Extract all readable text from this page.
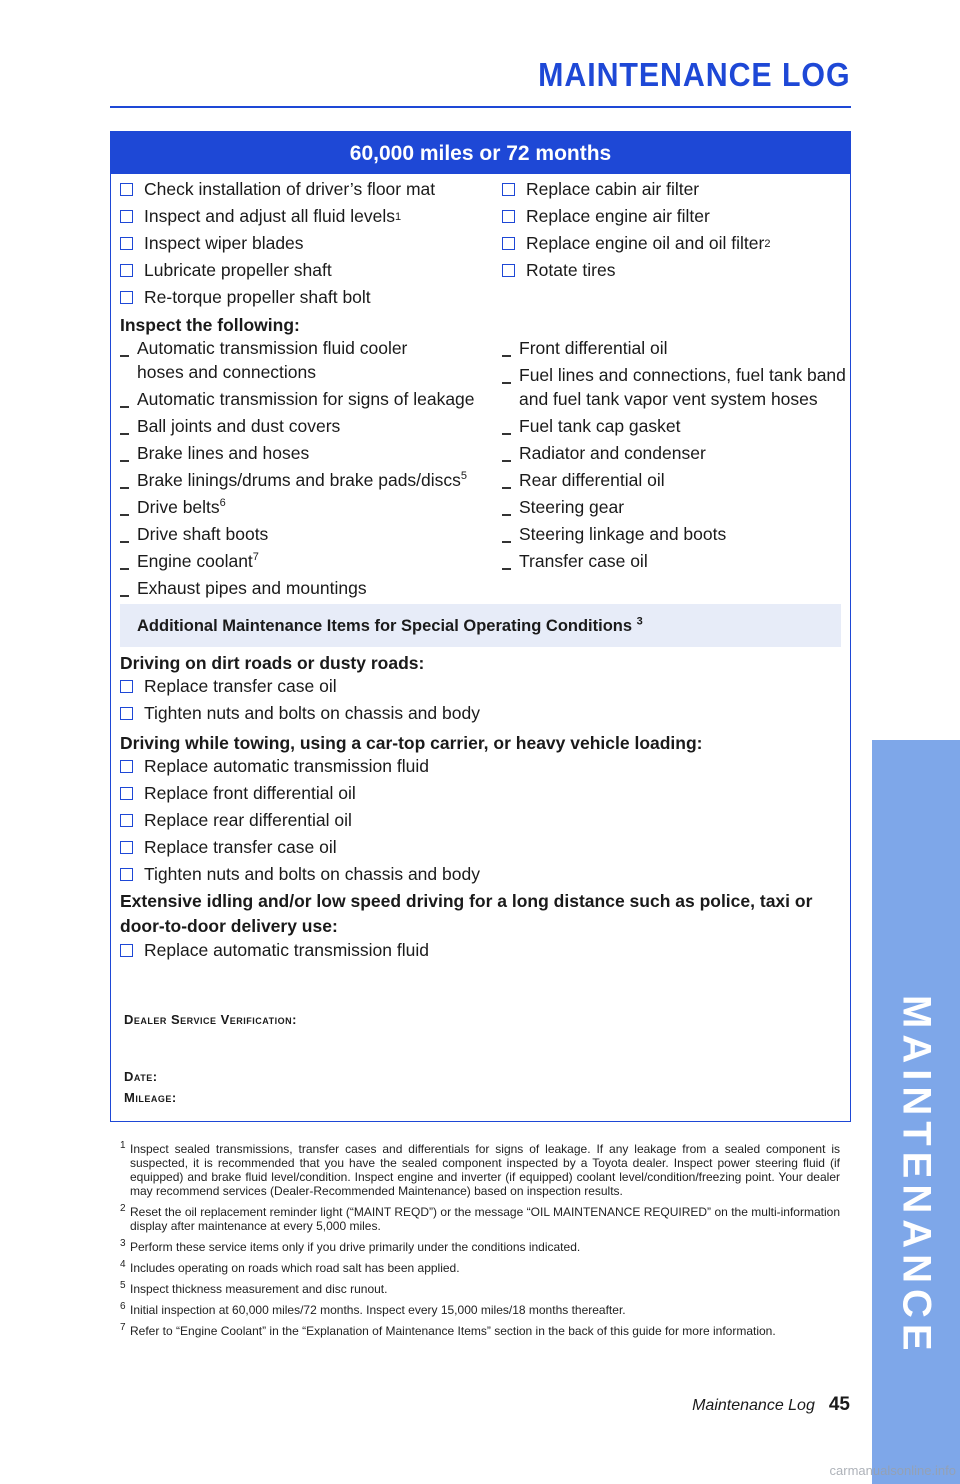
MAINTENANCE LOG
MAINTENANCE
60,000 miles or 72 months
Check installation of driver’s floor mat
Inspect and adjust all fluid levels 1
Inspect wiper blades
Lubricate propeller shaft
Re-torque propeller shaft bolt
Replace cabin air filter
Replace engine air filter
Replace engine oil and oil filter 2
Rotate tires
Inspect the following:
Automatic transmission fluid cooler
hoses and connections
Automatic transmission for signs of leakage
Ball joints and dust covers
Brake lines and hoses
Brake linings/drums and brake pads/discs$^5$
Drive belts$^6$
Drive shaft boots
Engine coolant$^7$
Exhaust pipes and mountings
Front differential oil
Fuel lines and connections, fuel tank band
and fuel tank vapor vent system hoses
Fuel tank cap gasket
Radiator and condenser
Rear differential oil
Steering gear
Steering linkage and boots
Transfer case oil
Additional Maintenance Items for Special Operating Conditions $^3$
Driving on dirt roads or dusty roads:
Replace transfer case oil
Tighten nuts and bolts on chassis and body
Driving while towing, using a car-top carrier, or heavy vehicle loading:
Replace automatic transmission fluid
Replace front differential oil
Replace rear differential oil
Replace transfer case oil
Tighten nuts and bolts on chassis and body
Extensive idling and/or low speed driving for a long distance such as police, taxi or door-to-door delivery use:
Replace automatic transmission fluid
Dealer Service Verification:
Date:
Mileage:
1 Inspect sealed transmissions, transfer cases and differentials for signs of leakage. If any leakage from a sealed component is suspected, it is recommended that you have the sealed component inspected by a Toyota dealer. Inspect power steering fluid (if equipped) and brake fluid level/condition. Inspect engine and inverter (if equipped) coolant level/condition/freezing point. Your dealer may recommend services (Dealer-Recommended Maintenance) based on inspection results.
2 Reset the oil replacement reminder light (“MAINT REQD”) or the message “OIL MAINTENANCE REQUIRED” on the multi-information display after maintenance at every 5,000 miles.
3 Perform these service items only if you drive primarily under the conditions indicated.
4 Includes operating on roads which road salt has been applied.
5 Inspect thickness measurement and disc runout.
6 Initial inspection at 60,000 miles/72 months. Inspect every 15,000 miles/18 months thereafter.
7 Refer to “Engine Coolant” in the “Explanation of Maintenance Items” section in the back of this guide for more information.
Maintenance Log 45
carmanualsonline.info
